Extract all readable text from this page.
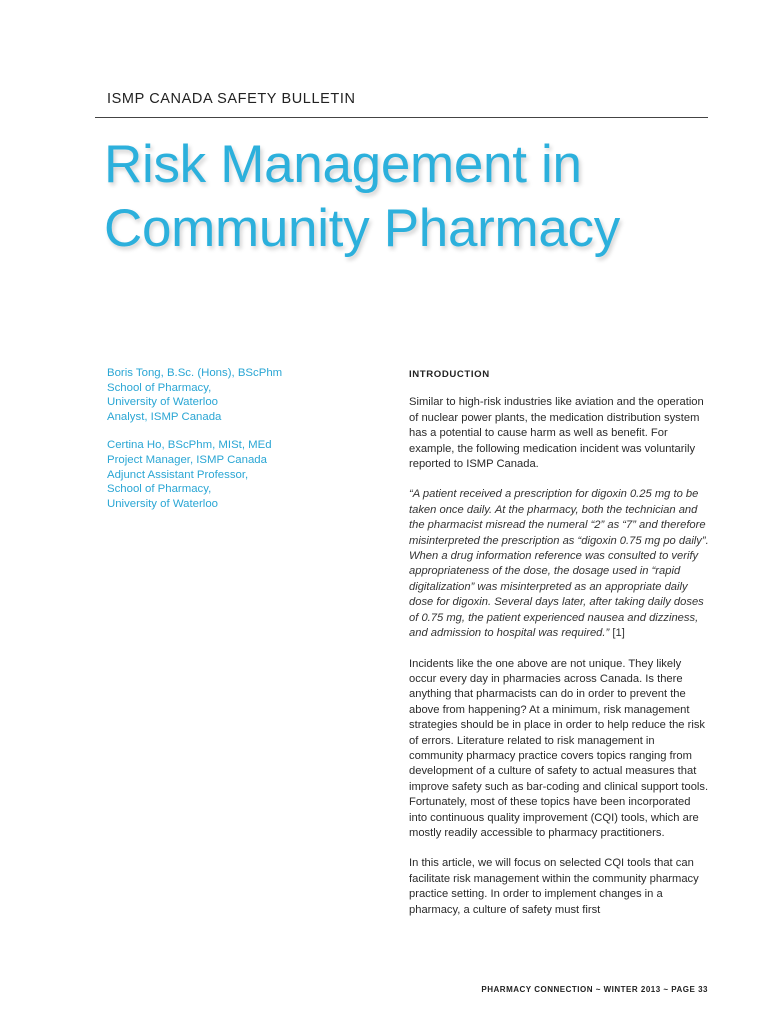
ISMP CANADA SAFETY BULLETIN
Risk Management in
Community Pharmacy
Boris Tong, B.Sc. (Hons), BScPhm
School of Pharmacy,
University of Waterloo
Analyst, ISMP Canada
Certina Ho, BScPhm, MISt, MEd
Project Manager, ISMP Canada
Adjunct Assistant Professor,
School of Pharmacy,
University of Waterloo
INTRODUCTION

Similar to high-risk industries like aviation and the operation of nuclear power plants, the medication distribution system has a potential to cause harm as well as benefit. For example, the following medication incident was voluntarily reported to ISMP Canada.

“A patient received a prescription for digoxin 0.25 mg to be taken once daily. At the pharmacy, both the technician and the pharmacist misread the numeral “2” as “7” and therefore misinterpreted the prescription as “digoxin 0.75 mg po daily”. When a drug information reference was consulted to verify appropriateness of the dose, the dosage used in “rapid digitalization” was misinterpreted as an appropriate daily dose for digoxin. Several days later, after taking daily doses of 0.75 mg, the patient experienced nausea and dizziness, and admission to hospital was required.” [1]

Incidents like the one above are not unique. They likely occur every day in pharmacies across Canada. Is there anything that pharmacists can do in order to prevent the above from happening? At a minimum, risk management strategies should be in place in order to help reduce the risk of errors. Literature related to risk management in community pharmacy practice covers topics ranging from development of a culture of safety to actual measures that improve safety such as bar-coding and clinical support tools. Fortunately, most of these topics have been incorporated into continuous quality improvement (CQI) tools, which are mostly readily accessible to pharmacy practitioners.

In this article, we will focus on selected CQI tools that can facilitate risk management within the community pharmacy practice setting. In order to implement changes in a pharmacy, a culture of safety must first

PHARMACY CONNECTION ~ WINTER 2013 ~ PAGE 33
